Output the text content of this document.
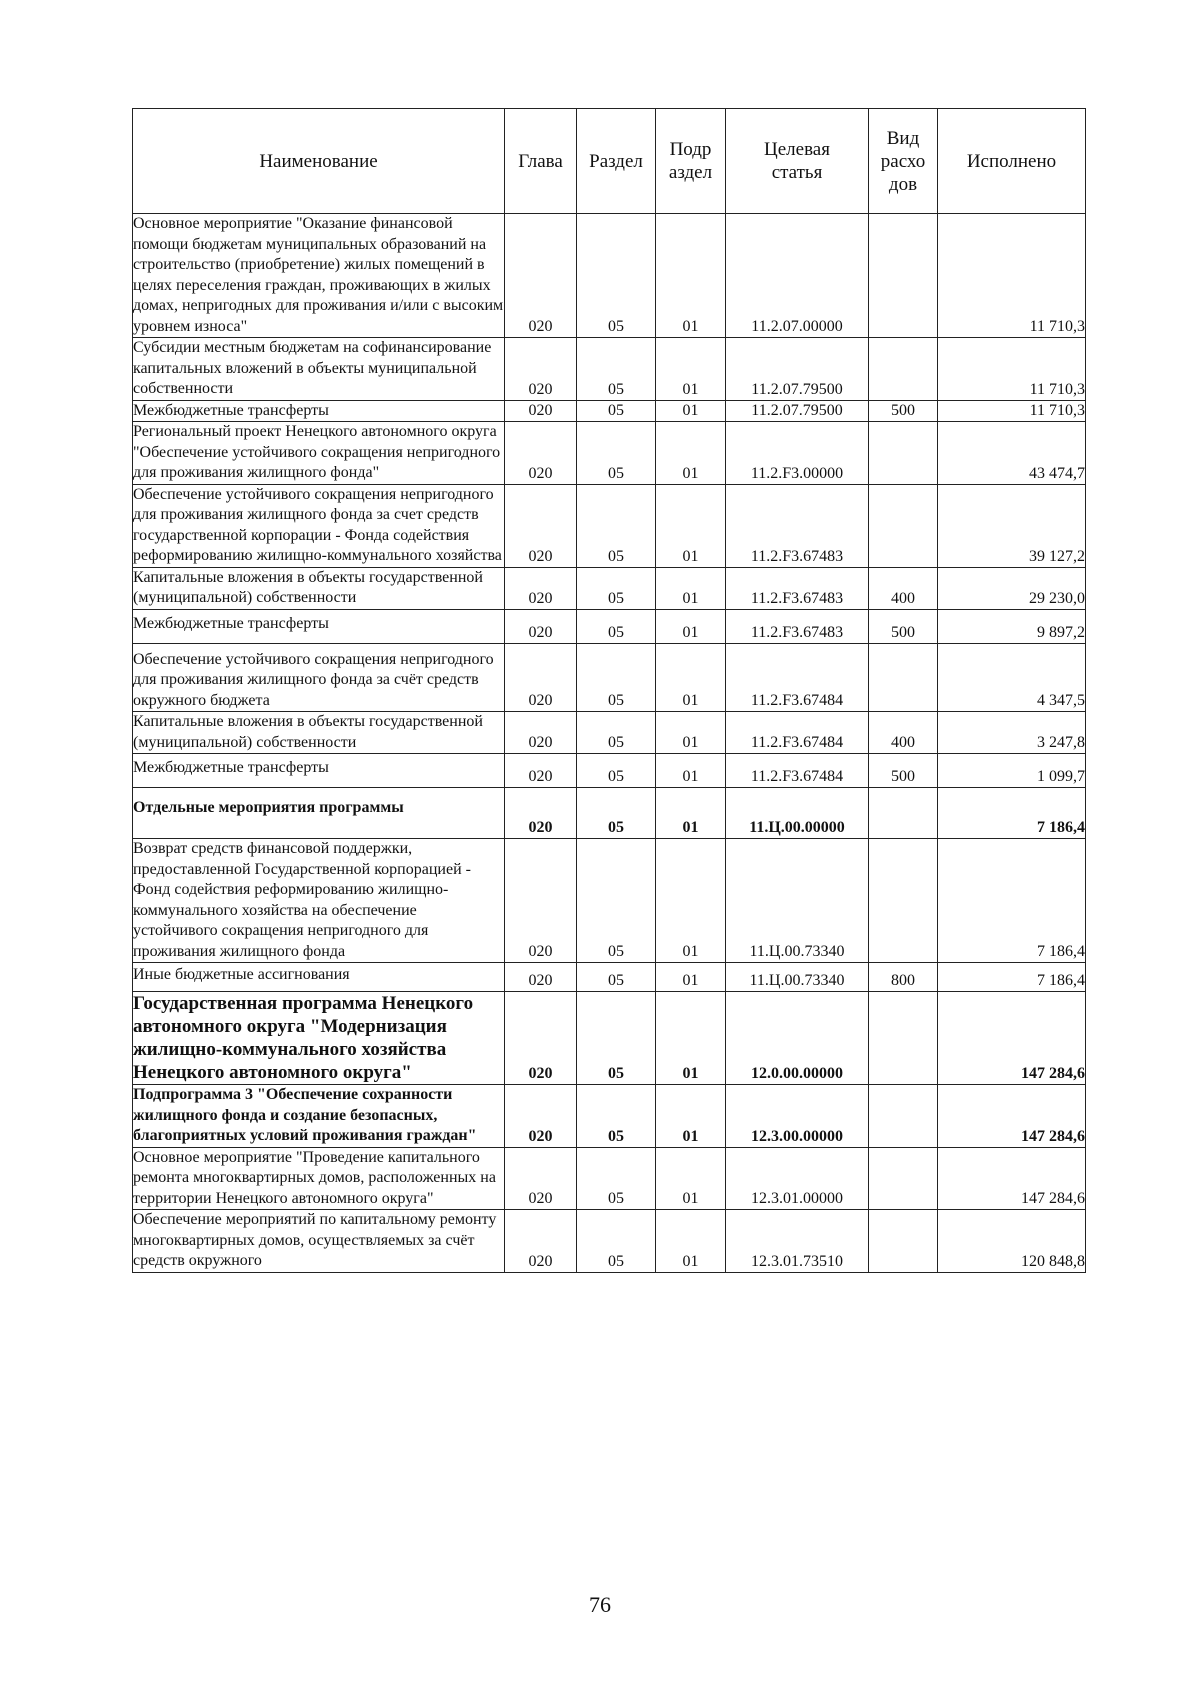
Наименование	Глава	Раздел	Подр аздел	Целевая статья	Вид расхо дов	Исполнено
Основное мероприятие "Оказание финансовой помощи бюджетам муниципальных образований на строительство (приобретение) жилых помещений в целях переселения граждан, проживающих в жилых домах, непригодных для проживания и/или с высоким уровнем износа"	020	05	01	11.2.07.00000		11 710,3
Субсидии местным бюджетам на софинансирование капитальных вложений в объекты муниципальной собственности	020	05	01	11.2.07.79500		11 710,3
Межбюджетные трансферты	020	05	01	11.2.07.79500	500	11 710,3
Региональный проект Ненецкого автономного округа "Обеспечение устойчивого сокращения непригодного для проживания жилищного фонда"	020	05	01	11.2.F3.00000		43 474,7
Обеспечение устойчивого сокращения непригодного для проживания жилищного фонда за счет средств государственной корпорации - Фонда содействия реформированию жилищно-коммунального хозяйства	020	05	01	11.2.F3.67483		39 127,2
Капитальные вложения в объекты государственной (муниципальной) собственности	020	05	01	11.2.F3.67483	400	29 230,0
Межбюджетные трансферты	020	05	01	11.2.F3.67483	500	9 897,2
Обеспечение устойчивого сокращения непригодного для проживания жилищного фонда за счёт средств окружного бюджета	020	05	01	11.2.F3.67484		4 347,5
Капитальные вложения в объекты государственной (муниципальной) собственности	020	05	01	11.2.F3.67484	400	3 247,8
Межбюджетные трансферты	020	05	01	11.2.F3.67484	500	1 099,7
Отдельные мероприятия программы	020	05	01	11.Ц.00.00000		7 186,4
Возврат средств финансовой поддержки, предоставленной Государственной корпорацией - Фонд содействия реформированию жилищно-коммунального хозяйства на обеспечение устойчивого сокращения непригодного для проживания жилищного фонда	020	05	01	11.Ц.00.73340		7 186,4
Иные бюджетные ассигнования	020	05	01	11.Ц.00.73340	800	7 186,4
Государственная программа Ненецкого автономного округа "Модернизация жилищно-коммунального хозяйства Ненецкого автономного округа"	020	05	01	12.0.00.00000		147 284,6
Подпрограмма 3 "Обеспечение сохранности жилищного фонда и создание безопасных, благоприятных условий проживания граждан"	020	05	01	12.3.00.00000		147 284,6
Основное мероприятие "Проведение капитального ремонта многоквартирных домов, расположенных на территории Ненецкого автономного округа"	020	05	01	12.3.01.00000		147 284,6
Обеспечение мероприятий по капитальному ремонту многоквартирных домов, осуществляемых за счёт средств окружного	020	05	01	12.3.01.73510		120 848,8
76
